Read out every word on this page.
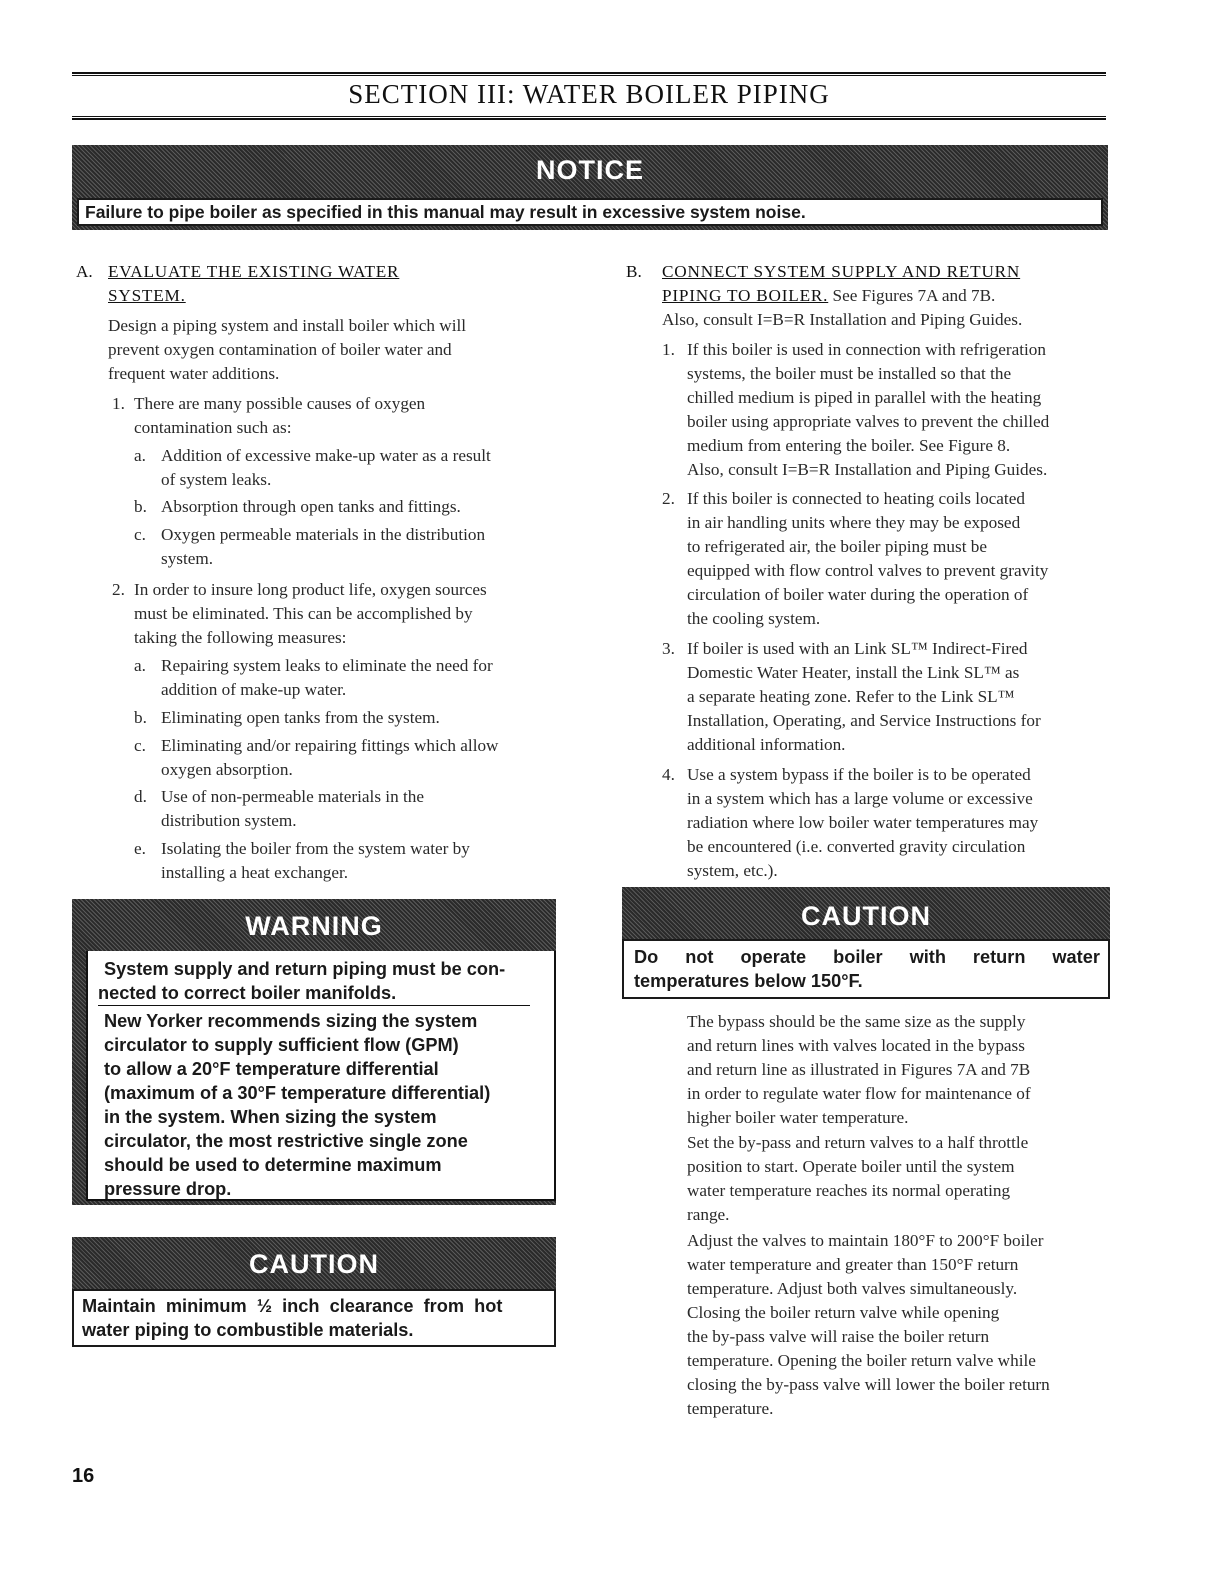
SECTION III: WATER BOILER PIPING
NOTICE
Failure to pipe boiler as specified in this manual may result in excessive system noise.
A. EVALUATE THE EXISTING WATER
SYSTEM.
Design a piping system and install boiler which will
prevent oxygen contamination of boiler water and
frequent water additions.
1. There are many possible causes of oxygen
contamination such as:
a. Addition of excessive make-up water as a result
of system leaks.
b. Absorption through open tanks and fittings.
c. Oxygen permeable materials in the distribution
system.
2. In order to insure long product life, oxygen sources
must be eliminated. This can be accomplished by
taking the following measures:
a. Repairing system leaks to eliminate the need for
addition of make-up water.
b. Eliminating open tanks from the system.
c. Eliminating and/or repairing fittings which allow
oxygen absorption.
d. Use of non-permeable materials in the
distribution system.
e. Isolating the boiler from the system water by
installing a heat exchanger.
WARNING
System supply and return piping must be con-
nected to correct boiler manifolds.
New Yorker recommends sizing the system
circulator to supply sufficient flow (GPM)
to allow a 20°F temperature differential
(maximum of a 30°F temperature differential)
in the system. When sizing the system
circulator, the most restrictive single zone
should be used to determine maximum
pressure drop.
CAUTION
Maintain  minimum  ½  inch  clearance  from  hot
water piping to combustible materials.
B. CONNECT SYSTEM SUPPLY AND RETURN
PIPING TO BOILER. See Figures 7A and 7B.
Also, consult I=B=R Installation and Piping Guides.
1. If this boiler is used in connection with refrigeration
systems, the boiler must be installed so that the
chilled medium is piped in parallel with the heating
boiler using appropriate valves to prevent the chilled
medium from entering the boiler. See Figure 8.
Also, consult I=B=R Installation and Piping Guides.
2. If this boiler is connected to heating coils located
in air handling units where they may be exposed
to refrigerated air, the boiler piping must be
equipped with flow control valves to prevent gravity
circulation of boiler water during the operation of
the cooling system.
3. If boiler is used with an Link SL™ Indirect-Fired
Domestic Water Heater, install the Link SL™ as
a separate heating zone. Refer to the Link SL™
Installation, Operating, and Service Instructions for
additional information.
4. Use a system bypass if the boiler is to be operated
in a system which has a large volume or excessive
radiation where low boiler water temperatures may
be encountered (i.e. converted gravity circulation
system, etc.).
CAUTION
Do not operate boiler with return water
temperatures below 150°F.
The bypass should be the same size as the supply
and return lines with valves located in the bypass
and return line as illustrated in Figures 7A and 7B
in order to regulate water flow for maintenance of
higher boiler water temperature.
Set the by-pass and return valves to a half throttle
position to start. Operate boiler until the system
water temperature reaches its normal operating
range.
Adjust the valves to maintain 180°F to 200°F boiler
water temperature and greater than 150°F return
temperature. Adjust both valves simultaneously.
Closing the boiler return valve while opening
the by-pass valve will raise the boiler return
temperature. Opening the boiler return valve while
closing the by-pass valve will lower the boiler return
temperature.
16
